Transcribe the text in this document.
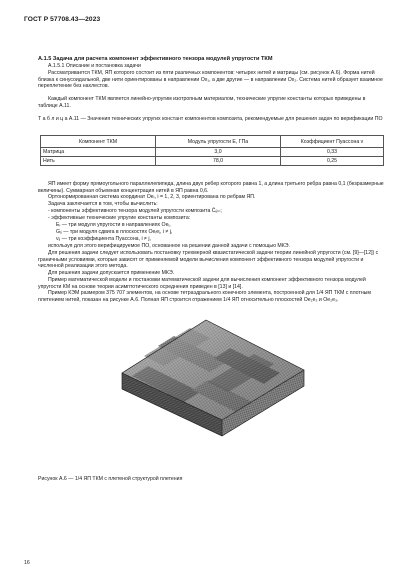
ГОСТ Р 57708.43—2023
А.1.5 Задача для расчета компонент эффективного тензора модулей упругости ТКМ
А.1.5.1 Описание и постановка задачи
Рассматривается ТКМ, ЯП которого состоит из пяти различных компонентов: четырех нитей и матрицы (см. рисунок А.6). Форма нитей близка к синусоидальной, две нити ориентированы в направлении Ox₁, а две другие — в направлении Ox₂. Система нитей образует взаимное переплетение без нахлестов.
Каждый компонент ТКМ является линейно-упругим изотропным материалом, технические упругие константы которых приведены в таблице А.11.
Т а б л и ц а А.11 — Значения технических упругих констант компонентов композита, рекомендуемые для решения задач по верификации ПО
Компонент ТКМ	Модуль упругости E, ГПа	Коэффициент Пуассона ν
Матрица	3,0	0,33
Нить	78,0	0,25
ЯП имеет форму прямоугольного параллелепипеда, длина двух ребер которого равна 1, а длина третьего ребра равна 0,1 (безразмерные величины). Суммарная объемная концентрация нитей в ЯП равна 0,6.
Ортонормированная система координат Oeᵢ, i = 1, 2, 3, ориентирована по ребрам ЯП.
Задача заключается в том, чтобы вычислить:
- компоненты эффективного тензора модулей упругости композита C̄ᵢⱼₖₗ;
- эффективные технические упругие константы композита:
Eᵢ — три модуля упругости в направлениях Oeᵢ,
Gᵢⱼ — три модуля сдвига в плоскостях Oeᵢeⱼ, i ≠ j,
νᵢⱼ — три коэффициента Пуассона, i ≠ j,
используя для этого верифицируемое ПО, основанное на решении данной задачи с помощью МКЭ.
Для решения задачи следует использовать постановку трехмерной квазистатической задачи теории линейной упругости (см. [9]—[12]) с граничными условиями, которые зависят от применяемой модели вычисления компонент эффективного тензора модулей упругости и численной реализации этого метода.
Для решения задачи допускается применение МКЭ.
Пример математической модели и постановки математической задачи для вычисления компонент эффективного тензора модулей упругости КМ на основе теории асимптотического осреднения приведен в [13] и [14].
Пример КЭМ размером 375 707 элементов, на основе тетраэдрального конечного элемента, построенной для 1/4 ЯП ТКМ с плотным плетением нитей, показан на рисунке А.6. Полная ЯП строится отражением 1/4 ЯП относительно плоскостей Oe₁e₃ и Oe₂e₃.
Рисунок А.6 — 1/4 ЯП ТКМ с плетеной структурой плетения
16
